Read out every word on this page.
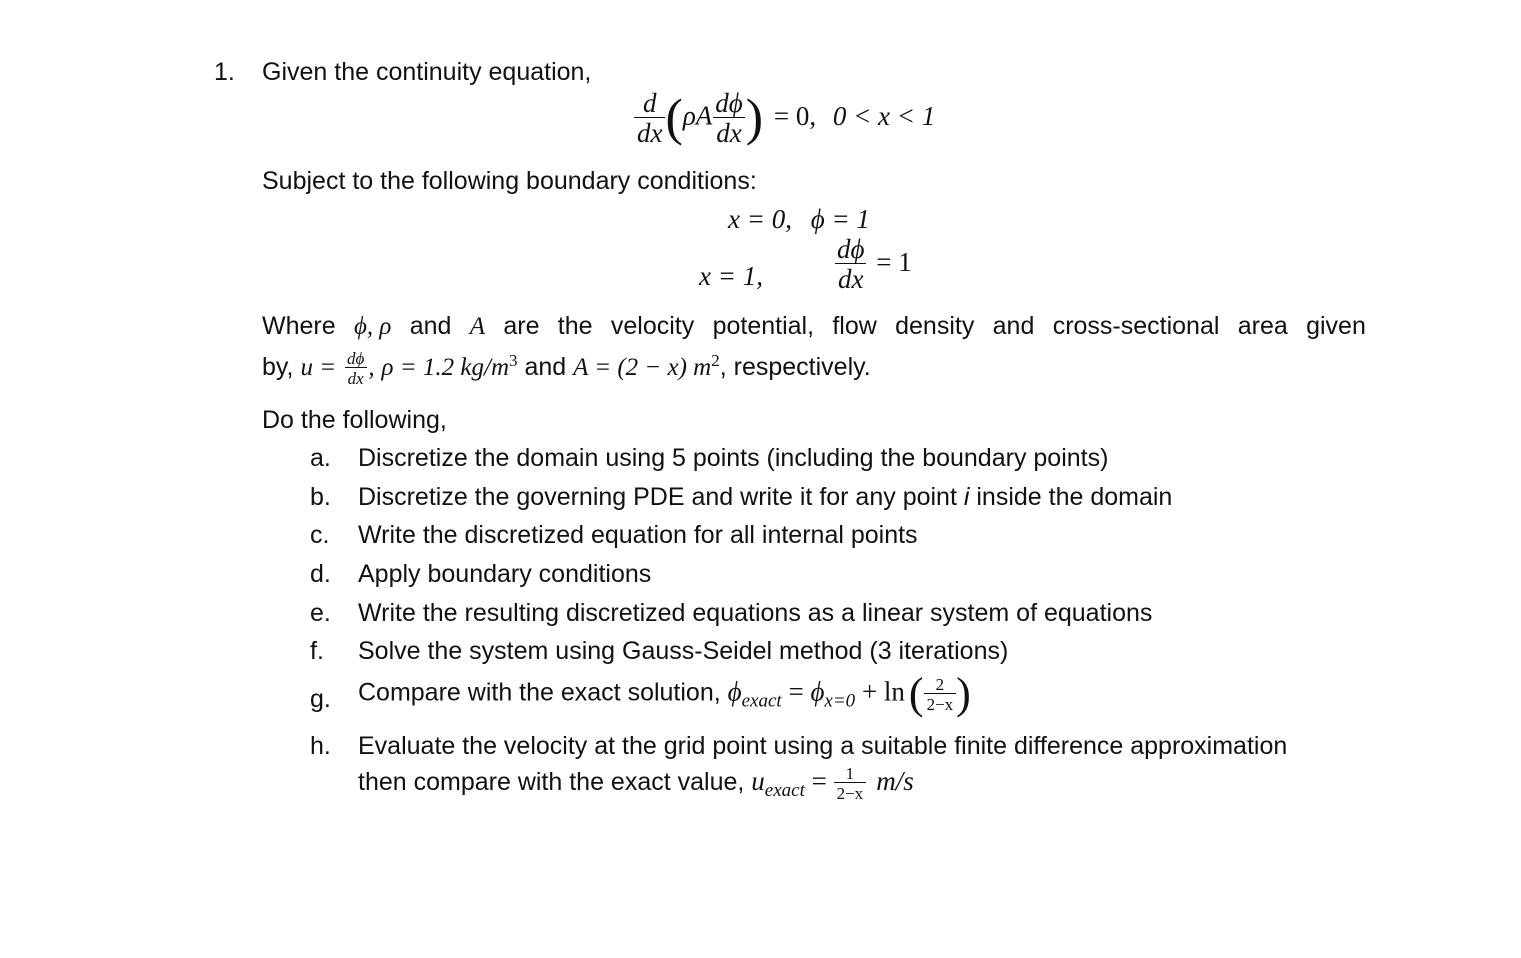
1. Given the continuity equation,
$\frac{d}{dx} (\rho A \frac{d\phi}{dx}$ ) = 0, 0 < x < 1
Subject to the following boundary conditions:
x = 0, ϕ = 1
x = 1,	$\frac{d\phi}{dx} = 1$
Where ϕ, ρ and A are the velocity potential, flow density and cross-sectional area given
by, $u = \frac{d\phi}{dx}$ , ρ = 1.2 $kg/m^3$ and A = (2 − x) $m^2$, respectively.
Do the following,
a. Discretize the domain using 5 points (including the boundary points)
b. Discretize the governing PDE and write it for any point i inside the domain
c. Write the discretized equation for all internal points
d. Apply boundary conditions
e. Write the resulting discretized equations as a linear system of equations
f. Solve the system using Gauss-Seidel method (3 iterations)
g. Compare with the exact solution, $\phi_{exact} = \phi_{x=0} + \ln( \frac{2}{2-x}$ )
h. Evaluate the velocity at the grid point using a suitable finite difference approximation
then compare with the exact value, $u_{exact} = \frac{1}{2-x} m/s$
